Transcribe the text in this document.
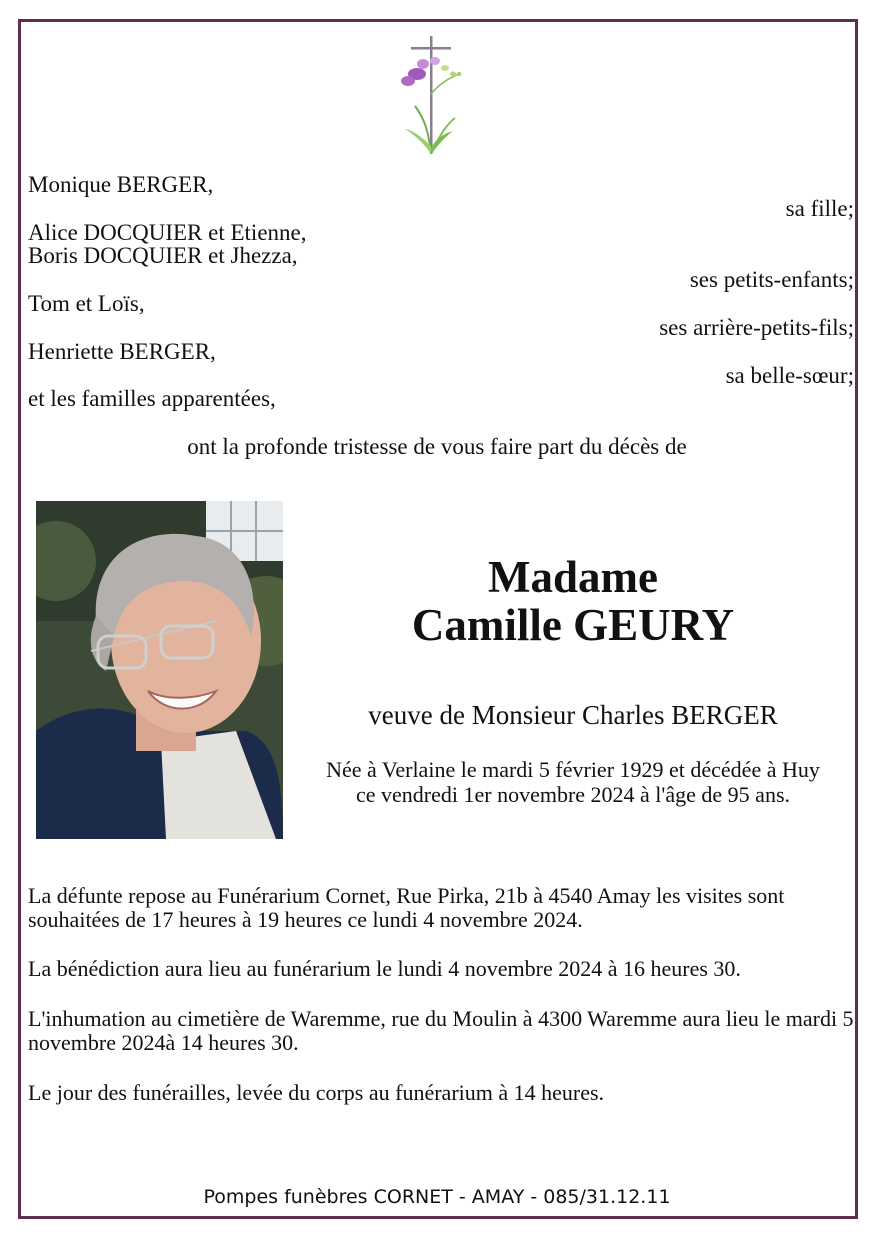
Monique BERGER,
sa fille;
Alice DOCQUIER et Etienne,
Boris DOCQUIER et Jhezza,
ses petits-enfants;
Tom et Loïs,
ses arrière-petits-fils;
Henriette BERGER,
sa belle-sœur;
et les familles apparentées,
ont la profonde tristesse de vous faire part du décès de
Madame
Camille GEURY
veuve de Monsieur Charles BERGER
Née à Verlaine le mardi 5 février 1929 et décédée à Huy
ce vendredi 1er novembre 2024 à l'âge de 95 ans.
La défunte repose au Funérarium Cornet, Rue Pirka, 21b à 4540 Amay les visites sont souhaitées de 17 heures à 19 heures ce lundi 4 novembre 2024.
La bénédiction aura lieu au funérarium le lundi 4 novembre 2024 à 16 heures 30.
L'inhumation au cimetière de Waremme, rue du Moulin à 4300 Waremme aura lieu le mardi 5 novembre 2024à 14 heures 30.
Le jour des funérailles, levée du corps au funérarium à 14 heures.
Pompes funèbres CORNET - AMAY - 085/31.12.11
